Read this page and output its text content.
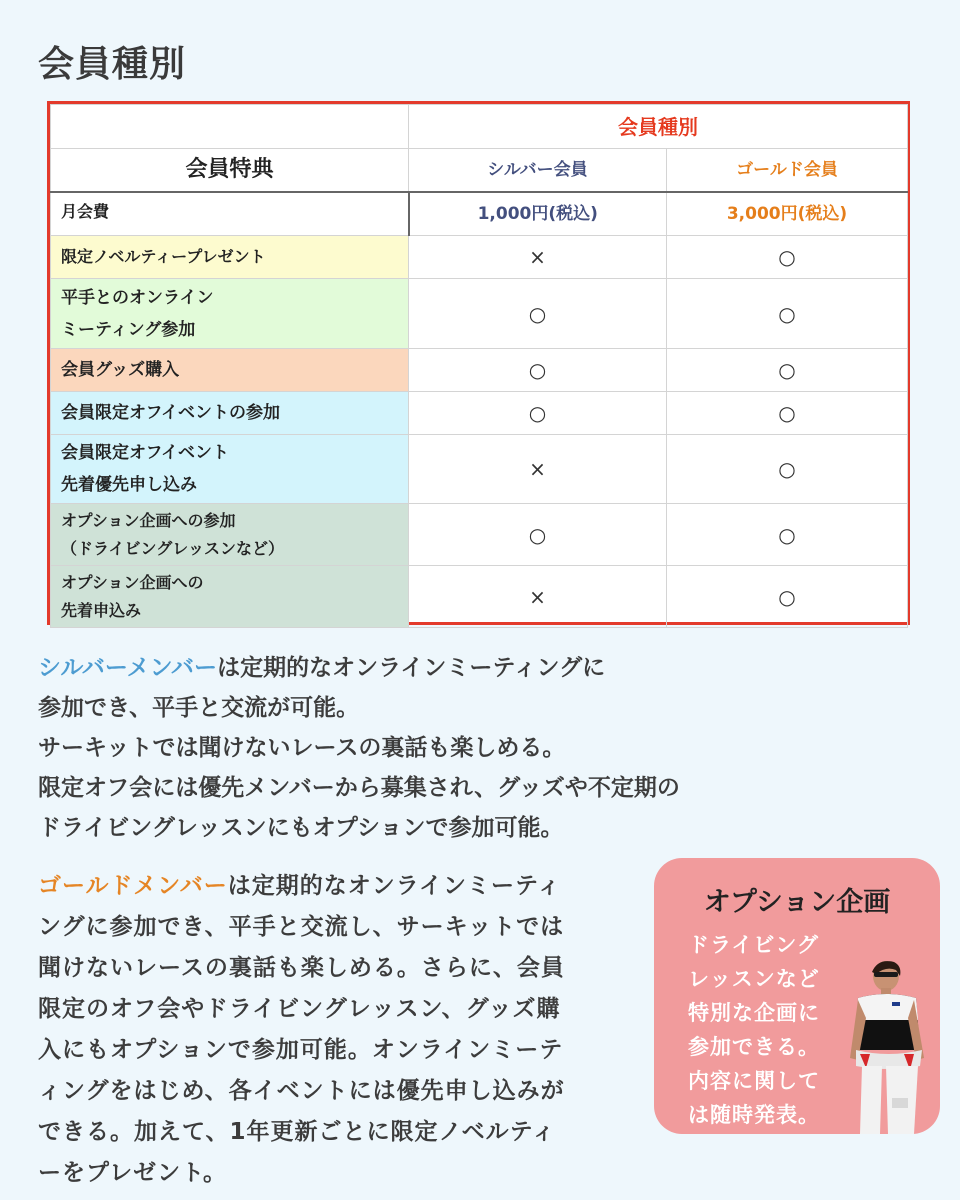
会員種別
	会員種別	
会員特典	シルバー会員	ゴールド会員
月会費	1,000円(税込)	3,000円(税込)
限定ノベルティープレゼント	×	○

平手とのオンライン
ミーティング参加	○	○
会員グッズ購入	○	○
会員限定オフイベントの参加	○	○

会員限定オフイベント
先着優先申し込み	×	○

オプション企画への参加
（ドライビングレッスンなど）	○	○

オプション企画への
先着申込み	×	○
シルバーメンバーは定期的なオンラインミーティングに
参加でき、平手と交流が可能。
サーキットでは聞けないレースの裏話も楽しめる。
限定オフ会には優先メンバーから募集され、グッズや不定期の
ドライビングレッスンにもオプションで参加可能。
ゴールドメンバーは定期的なオンラインミーティ
ングに参加でき、平手と交流し、サーキットでは
聞けないレースの裏話も楽しめる。さらに、会員
限定のオフ会やドライビングレッスン、グッズ購
入にもオプションで参加可能。オンラインミーテ
ィングをはじめ、各イベントには優先申し込みが
できる。加えて、1年更新ごとに限定ノベルティ
ーをプレゼント。
オプション企画
ドライビング
レッスンなど
特別な企画に
参加できる。
内容に関して
は随時発表。
